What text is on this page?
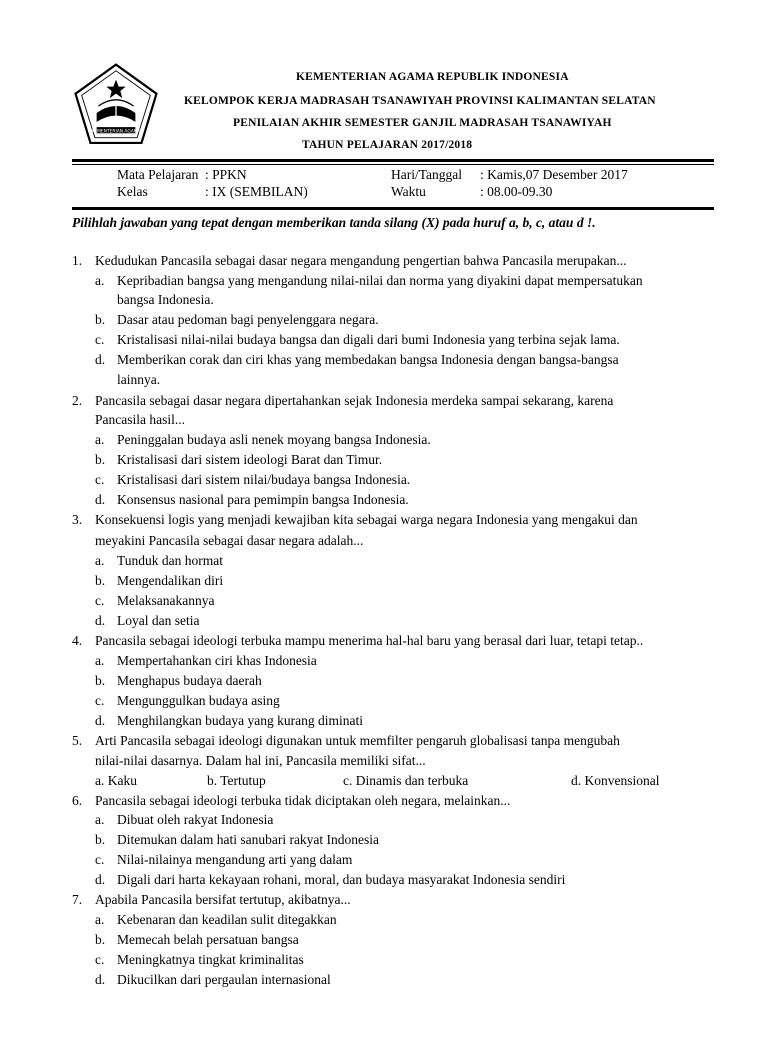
KEMENTERIAN AGAMA
KEMENTERIAN AGAMA REPUBLIK INDONESIA
KELOMPOK KERJA MADRASAH TSANAWIYAH PROVINSI KALIMANTAN SELATAN
PENILAIAN AKHIR SEMESTER GANJIL MADRASAH TSANAWIYAH
TAHUN PELAJARAN 2017/2018
Mata Pelajaran : PPKN	Hari/Tanggal : Kamis,07 Desember 2017
Kelas	: IX (SEMBILAN)	Waktu	: 08.00-09.30
Pilihlah jawaban yang tepat dengan memberikan tanda silang (X) pada huruf a, b, c, atau d !.
1. Kedudukan Pancasila sebagai dasar negara mengandung pengertian bahwa Pancasila merupakan...
a. Kepribadian bangsa yang mengandung nilai-nilai dan norma yang diyakini dapat mempersatukan
bangsa Indonesia.
b. Dasar atau pedoman bagi penyelenggara negara.
c. Kristalisasi nilai-nilai budaya bangsa dan digali dari bumi Indonesia yang terbina sejak lama.
d. Memberikan corak dan ciri khas yang membedakan bangsa Indonesia dengan bangsa-bangsa
lainnya.
2. Pancasila sebagai dasar negara dipertahankan sejak Indonesia merdeka sampai sekarang, karena
Pancasila hasil...
a. Peninggalan budaya asli nenek moyang bangsa Indonesia.
b. Kristalisasi dari sistem ideologi Barat dan Timur.
c. Kristalisasi dari sistem nilai/budaya bangsa Indonesia.
d. Konsensus nasional para pemimpin bangsa Indonesia.
3. Konsekuensi logis yang menjadi kewajiban kita sebagai warga negara Indonesia yang mengakui dan
meyakini Pancasila sebagai dasar negara adalah...
a. Tunduk dan hormat
b. Mengendalikan diri
c. Melaksanakannya
d. Loyal dan setia
4. Pancasila sebagai ideologi terbuka mampu menerima hal-hal baru yang berasal dari luar, tetapi tetap..
a. Mempertahankan ciri khas Indonesia
b. Menghapus budaya daerah
c. Mengunggulkan budaya asing
d. Menghilangkan budaya yang kurang diminati
5. Arti Pancasila sebagai ideologi digunakan untuk memfilter pengaruh globalisasi tanpa mengubah
nilai-nilai dasarnya. Dalam hal ini, Pancasila memiliki sifat...
a. Kaku	b. Tertutup	c. Dinamis dan terbuka	d. Konvensional
6. Pancasila sebagai ideologi terbuka tidak diciptakan oleh negara, melainkan...
a. Dibuat oleh rakyat Indonesia
b. Ditemukan dalam hati sanubari rakyat Indonesia
c. Nilai-nilainya mengandung arti yang dalam
d. Digali dari harta kekayaan rohani, moral, dan budaya masyarakat Indonesia sendiri
7. Apabila Pancasila bersifat tertutup, akibatnya...
a. Kebenaran dan keadilan sulit ditegakkan
b. Memecah belah persatuan bangsa
c. Meningkatnya tingkat kriminalitas
d. Dikucilkan dari pergaulan internasional
